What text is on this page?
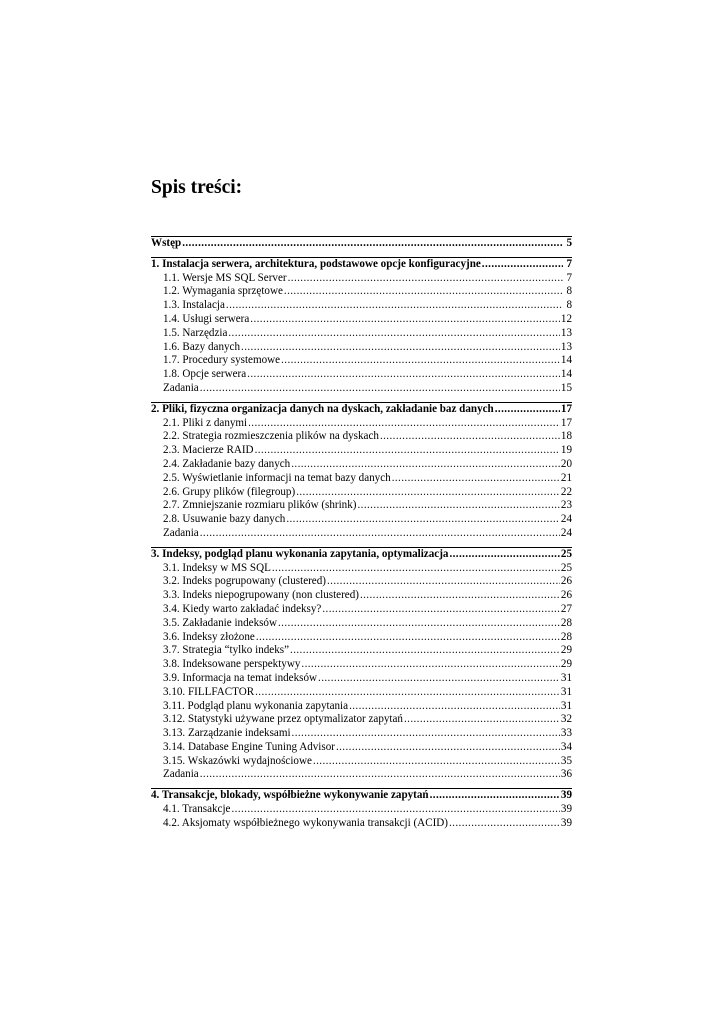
Spis treści:
Wstęp .....	5
1. Instalacja serwera, architektura, podstawowe opcje konfiguracyjne .....	7
1.1. Wersje MS SQL Server .....	7
1.2. Wymagania sprzętowe .....	8
1.3. Instalacja .....	8
1.4. Usługi serwera .....	12
1.5. Narzędzia .....	13
1.6. Bazy danych .....	13
1.7. Procedury systemowe .....	14
1.8. Opcje serwera .....	14
Zadania .....	15
2. Pliki, fizyczna organizacja danych na dyskach, zakładanie baz danych .....	17
2.1. Pliki z danymi .....	17
2.2. Strategia rozmieszczenia plików na dyskach .....	18
2.3. Macierze RAID .....	19
2.4. Zakładanie bazy danych .....	20
2.5. Wyświetlanie informacji na temat bazy danych .....	21
2.6. Grupy plików (filegroup) .....	22
2.7. Zmniejszanie rozmiaru plików (shrink) .....	23
2.8. Usuwanie bazy danych .....	24
Zadania .....	24
3. Indeksy, podgląd planu wykonania zapytania, optymalizacja .....	25
3.1. Indeksy w MS SQL .....	25
3.2. Indeks pogrupowany (clustered) .....	26
3.3. Indeks niepogrupowany (non clustered) .....	26
3.4. Kiedy warto zakładać indeksy? .....	27
3.5. Zakładanie indeksów .....	28
3.6. Indeksy złożone .....	28
3.7. Strategia “tylko indeks” .....	29
3.8. Indeksowane perspektywy .....	29
3.9. Informacja na temat indeksów .....	31
3.10. FILLFACTOR .....	31
3.11. Podgląd planu wykonania zapytania .....	31
3.12. Statystyki używane przez optymalizator zapytań .....	32
3.13. Zarządzanie indeksami .....	33
3.14. Database Engine Tuning Advisor .....	34
3.15. Wskazówki wydajnościowe .....	35
Zadania .....	36
4. Transakcje, blokady, współbieżne wykonywanie zapytań .....	39
4.1. Transakcje .....	39
4.2. Aksjomaty współbieżnego wykonywania transakcji (ACID) .....	39
